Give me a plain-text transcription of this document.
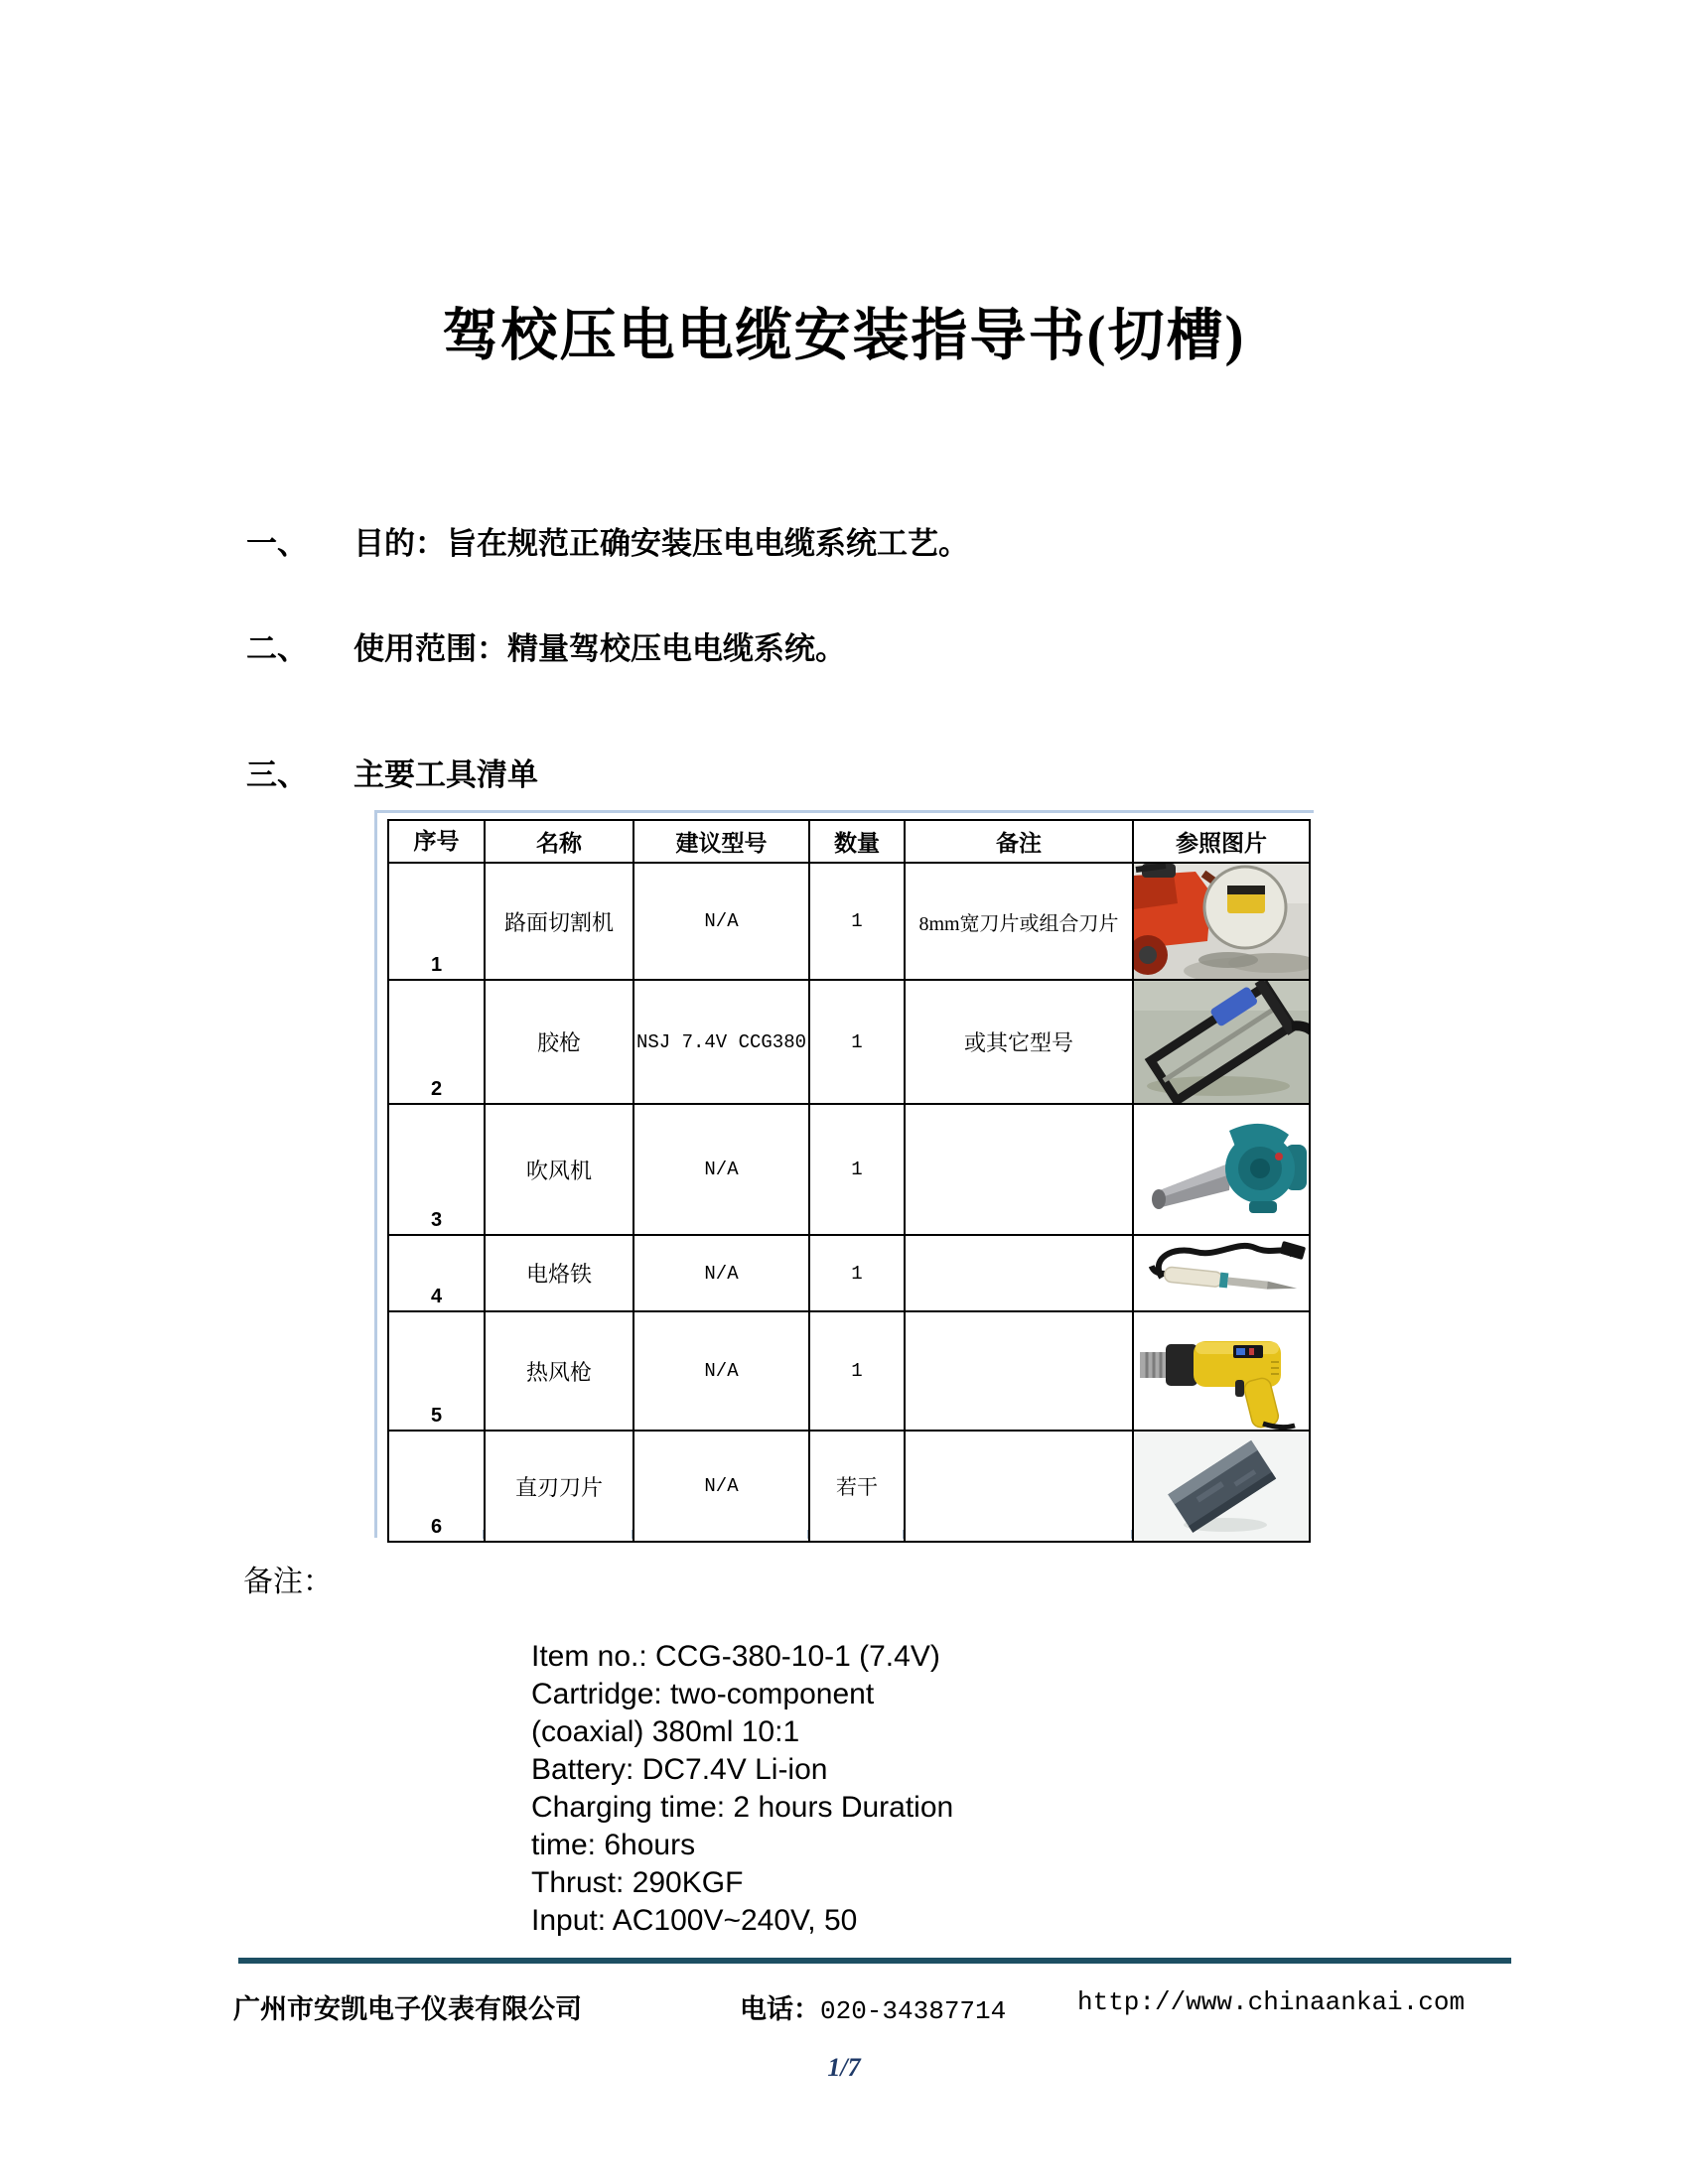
驾校压电电缆安装指导书(切槽)
一、 目的：旨在规范正确安装压电电缆系统工艺。
二、 使用范围：精量驾校压电电缆系统。
三、 主要工具清单
序号	名称	建议型号	数量	备注	参照图片
1	路面切割机	N/A	1	8mm宽刀片或组合刀片	

2	胶枪	NSJ 7.4V CCG380	1	或其它型号	

3	吹风机	N/A	1		

4	电烙铁	N/A	1		

5	热风枪	N/A	1		

6	直刃刀片	N/A	若干		
备注：
Item no.: CCG-380-10-1 (7.4V)
Cartridge: two-component
(coaxial) 380ml 10:1
Battery: DC7.4V Li-ion
Charging time: 2 hours Duration
time: 6hours
Thrust: 290KGF
Input: AC100V~240V, 50
广州市安凯电子仪表有限公司	电话：020-34387714	http://www.chinaankai.com
1/7
